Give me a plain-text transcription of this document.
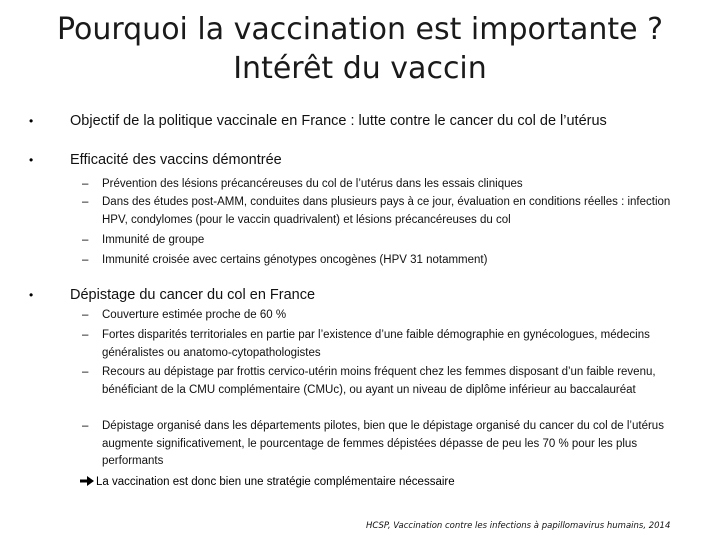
Pourquoi la vaccination est importante ?
Intérêt du vaccin
•	Objectif de la politique vaccinale en France : lutte contre le cancer du col de l’utérus
•	Efficacité des vaccins démontrée
– Prévention des lésions précancéreuses du col de l’utérus dans les essais cliniques
– Dans des études post-AMM, conduites dans plusieurs pays à ce jour, évaluation en conditions réelles : infection HPV, condylomes (pour le vaccin quadrivalent) et lésions précancéreuses du col
– Immunité de groupe
– Immunité croisée avec certains génotypes oncogènes (HPV 31 notamment)
•	Dépistage du cancer du col en France
– Couverture estimée proche de 60 %
– Fortes disparités territoriales en partie par l’existence d’une faible démographie en gynécologues, médecins généralistes ou anatomo-cytopathologistes
– Recours au dépistage par frottis cervico-utérin moins fréquent chez les femmes disposant d’un faible revenu, bénéficiant de la CMU complémentaire (CMUc), ou ayant un niveau de diplôme inférieur au baccalauréat
– Dépistage organisé dans les départements pilotes, bien que le dépistage organisé du cancer du col de l’utérus augmente significativement, le pourcentage de femmes dépistées dépasse de peu les 70 % pour les plus performants
La vaccination est donc bien une stratégie complémentaire nécessaire
HCSP, Vaccination contre les infections à papillomavirus humains, 2014
